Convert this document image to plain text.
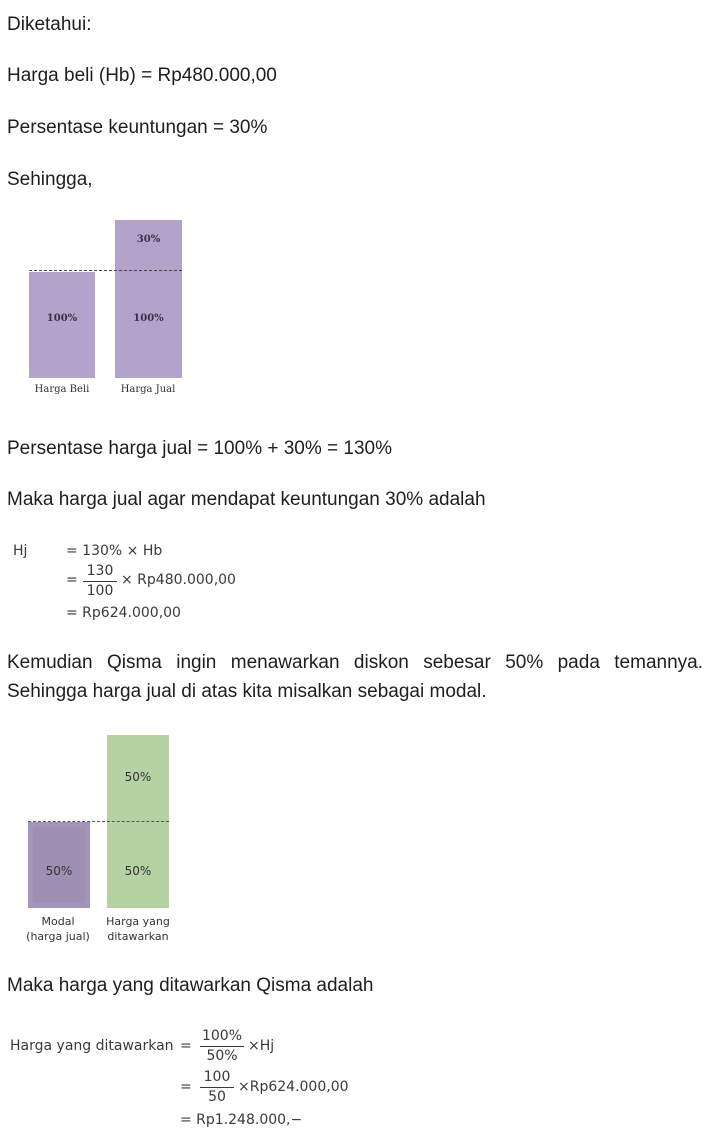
Diketahui:
Harga beli (Hb) = Rp480.000,00
Persentase keuntungan = 30%
Sehingga,
100%
30%
100%
Harga Beli	Harga Jual
Persentase harga jual = 100% + 30% = 130%
Maka harga jual agar mendapat keuntungan 30% adalah
Hj	= 130% × Hb
= $\frac{130}{100} \times Rp480.000,00$
= Rp624.000,00
Kemudian Qisma ingin menawarkan diskon sebesar 50% pada temannya.
Sehingga harga jual di atas kita misalkan sebagai modal.
50%
50%
50%
Modal
(harga jual)
Harga yang
ditawarkan
Maka harga yang ditawarkan Qisma adalah
Harga yang ditawarkan = $\frac{100\%}{50\%} \times Hj$
= $\frac{100}{50} \times Rp624.000,00$
= Rp1.248.000,−
